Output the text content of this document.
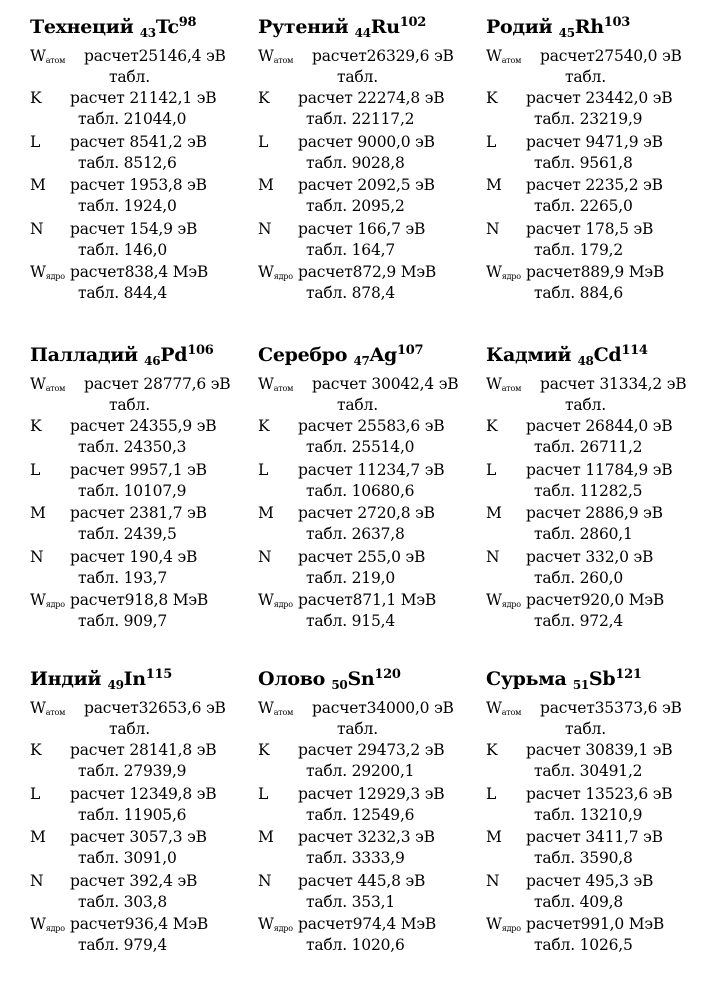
Технеций $_{43}Tc^{98}$
$W_{атом}$ расчет25146,4 эВ
табл.
K расчет 21142,1 эВ
табл. 21044,0
L расчет 8541,2 эВ
табл. 8512,6
M расчет 1953,8 эВ
табл. 1924,0
N расчет 154,9 эВ
табл. 146,0
$W_{ядро}$ расчет838,4 МэВ
табл. 844,4
Рутений $_{44}Ru^{102}$
$W_{атом}$ расчет26329,6 эВ
табл.
K расчет 22274,8 эВ
табл. 22117,2
L расчет 9000,0 эВ
табл. 9028,8
M расчет 2092,5 эВ
табл. 2095,2
N расчет 166,7 эВ
табл. 164,7
$W_{ядро}$ расчет872,9 МэВ
табл. 878,4
Родий $_{45}Rh^{103}$
$W_{атом}$ расчет27540,0 эВ
табл.
K расчет 23442,0 эВ
табл. 23219,9
L расчет 9471,9 эВ
табл. 9561,8
M расчет 2235,2 эВ
табл. 2265,0
N расчет 178,5 эВ
табл. 179,2
$W_{ядро}$ расчет889,9 МэВ
табл. 884,6
Палладий $_{46}Pd^{106}$
$W_{атом}$ расчет 28777,6 эВ
табл.
K расчет 24355,9 эВ
табл. 24350,3
L расчет 9957,1 эВ
табл. 10107,9
M расчет 2381,7 эВ
табл. 2439,5
N расчет 190,4 эВ
табл. 193,7
$W_{ядро}$ расчет918,8 МэВ
табл. 909,7
Серебро $_{47}Ag^{107}$
$W_{атом}$ расчет 30042,4 эВ
табл.
K расчет 25583,6 эВ
табл. 25514,0
L расчет 11234,7 эВ
табл. 10680,6
M расчет 2720,8 эВ
табл. 2637,8
N расчет 255,0 эВ
табл. 219,0
$W_{ядро}$ расчет871,1 МэВ
табл. 915,4
Кадмий $_{48}Cd^{114}$
$W_{атом}$ расчет 31334,2 эВ
табл.
K расчет 26844,0 эВ
табл. 26711,2
L расчет 11784,9 эВ
табл. 11282,5
M расчет 2886,9 эВ
табл. 2860,1
N расчет 332,0 эВ
табл. 260,0
$W_{ядро}$ расчет920,0 МэВ
табл. 972,4
Индий $_{49}In^{115}$
$W_{атом}$ расчет32653,6 эВ
табл.
K расчет 28141,8 эВ
табл. 27939,9
L расчет 12349,8 эВ
табл. 11905,6
M расчет 3057,3 эВ
табл. 3091,0
N расчет 392,4 эВ
табл. 303,8
$W_{ядро}$ расчет936,4 МэВ
табл. 979,4
Олово $_{50}Sn^{120}$
$W_{атом}$ расчет34000,0 эВ
табл.
K расчет 29473,2 эВ
табл. 29200,1
L расчет 12929,3 эВ
табл. 12549,6
M расчет 3232,3 эВ
табл. 3333,9
N расчет 445,8 эВ
табл. 353,1
$W_{ядро}$ расчет974,4 МэВ
табл. 1020,6
Сурьма $_{51}Sb^{121}$
$W_{атом}$ расчет35373,6 эВ
табл.
K расчет 30839,1 эВ
табл. 30491,2
L расчет 13523,6 эВ
табл. 13210,9
M расчет 3411,7 эВ
табл. 3590,8
N расчет 495,3 эВ
табл. 409,8
$W_{ядро}$ расчет991,0 МэВ
табл. 1026,5
